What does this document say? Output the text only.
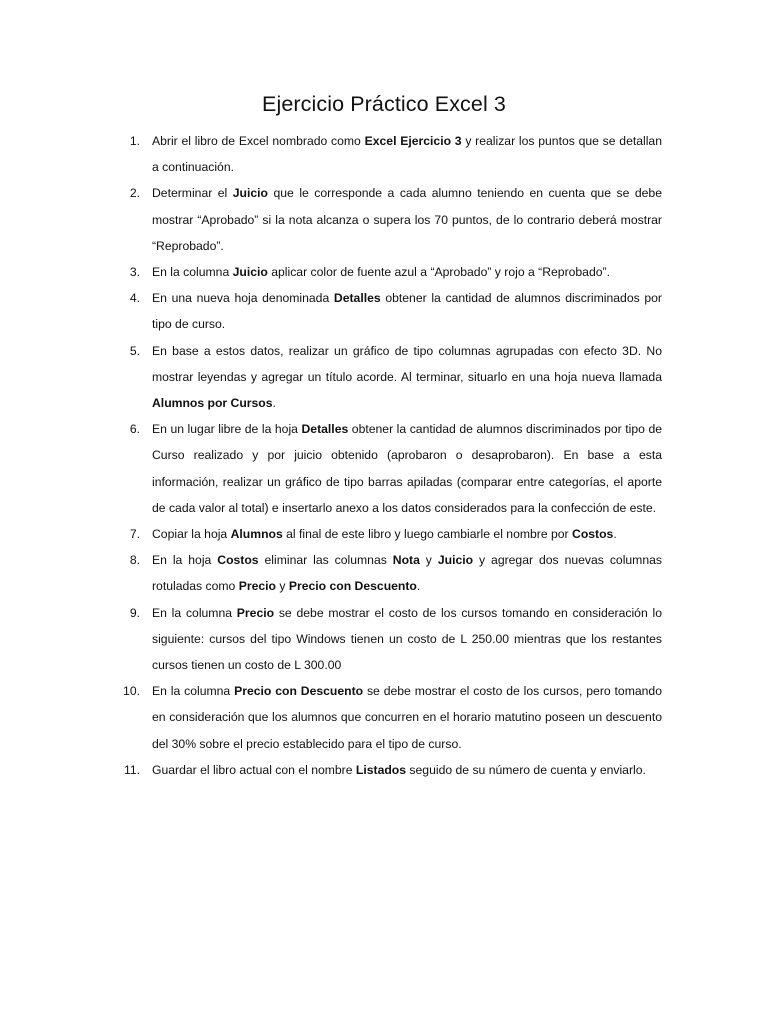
Ejercicio Práctico Excel 3
1. Abrir el libro de Excel nombrado como Excel Ejercicio 3 y realizar los puntos que se detallan a continuación.
2. Determinar el Juicio que le corresponde a cada alumno teniendo en cuenta que se debe mostrar “Aprobado” si la nota alcanza o supera los 70 puntos, de lo contrario deberá mostrar “Reprobado”.
3. En la columna Juicio aplicar color de fuente azul a “Aprobado” y rojo a “Reprobado”.
4. En una nueva hoja denominada Detalles obtener la cantidad de alumnos discriminados por tipo de curso.
5. En base a estos datos, realizar un gráfico de tipo columnas agrupadas con efecto 3D. No mostrar leyendas y agregar un título acorde. Al terminar, situarlo en una hoja nueva llamada Alumnos por Cursos.
6. En un lugar libre de la hoja Detalles obtener la cantidad de alumnos discriminados por tipo de Curso realizado y por juicio obtenido (aprobaron o desaprobaron). En base a esta información, realizar un gráfico de tipo barras apiladas (comparar entre categorías, el aporte de cada valor al total) e insertarlo anexo a los datos considerados para la confección de este.
7. Copiar la hoja Alumnos al final de este libro y luego cambiarle el nombre por Costos.
8. En la hoja Costos eliminar las columnas Nota y Juicio y agregar dos nuevas columnas rotuladas como Precio y Precio con Descuento.
9. En la columna Precio se debe mostrar el costo de los cursos tomando en consideración lo siguiente: cursos del tipo Windows tienen un costo de L 250.00 mientras que los restantes cursos tienen un costo de L 300.00
10. En la columna Precio con Descuento se debe mostrar el costo de los cursos, pero tomando en consideración que los alumnos que concurren en el horario matutino poseen un descuento del 30% sobre el precio establecido para el tipo de curso.
11. Guardar el libro actual con el nombre Listados seguido de su número de cuenta y enviarlo.
